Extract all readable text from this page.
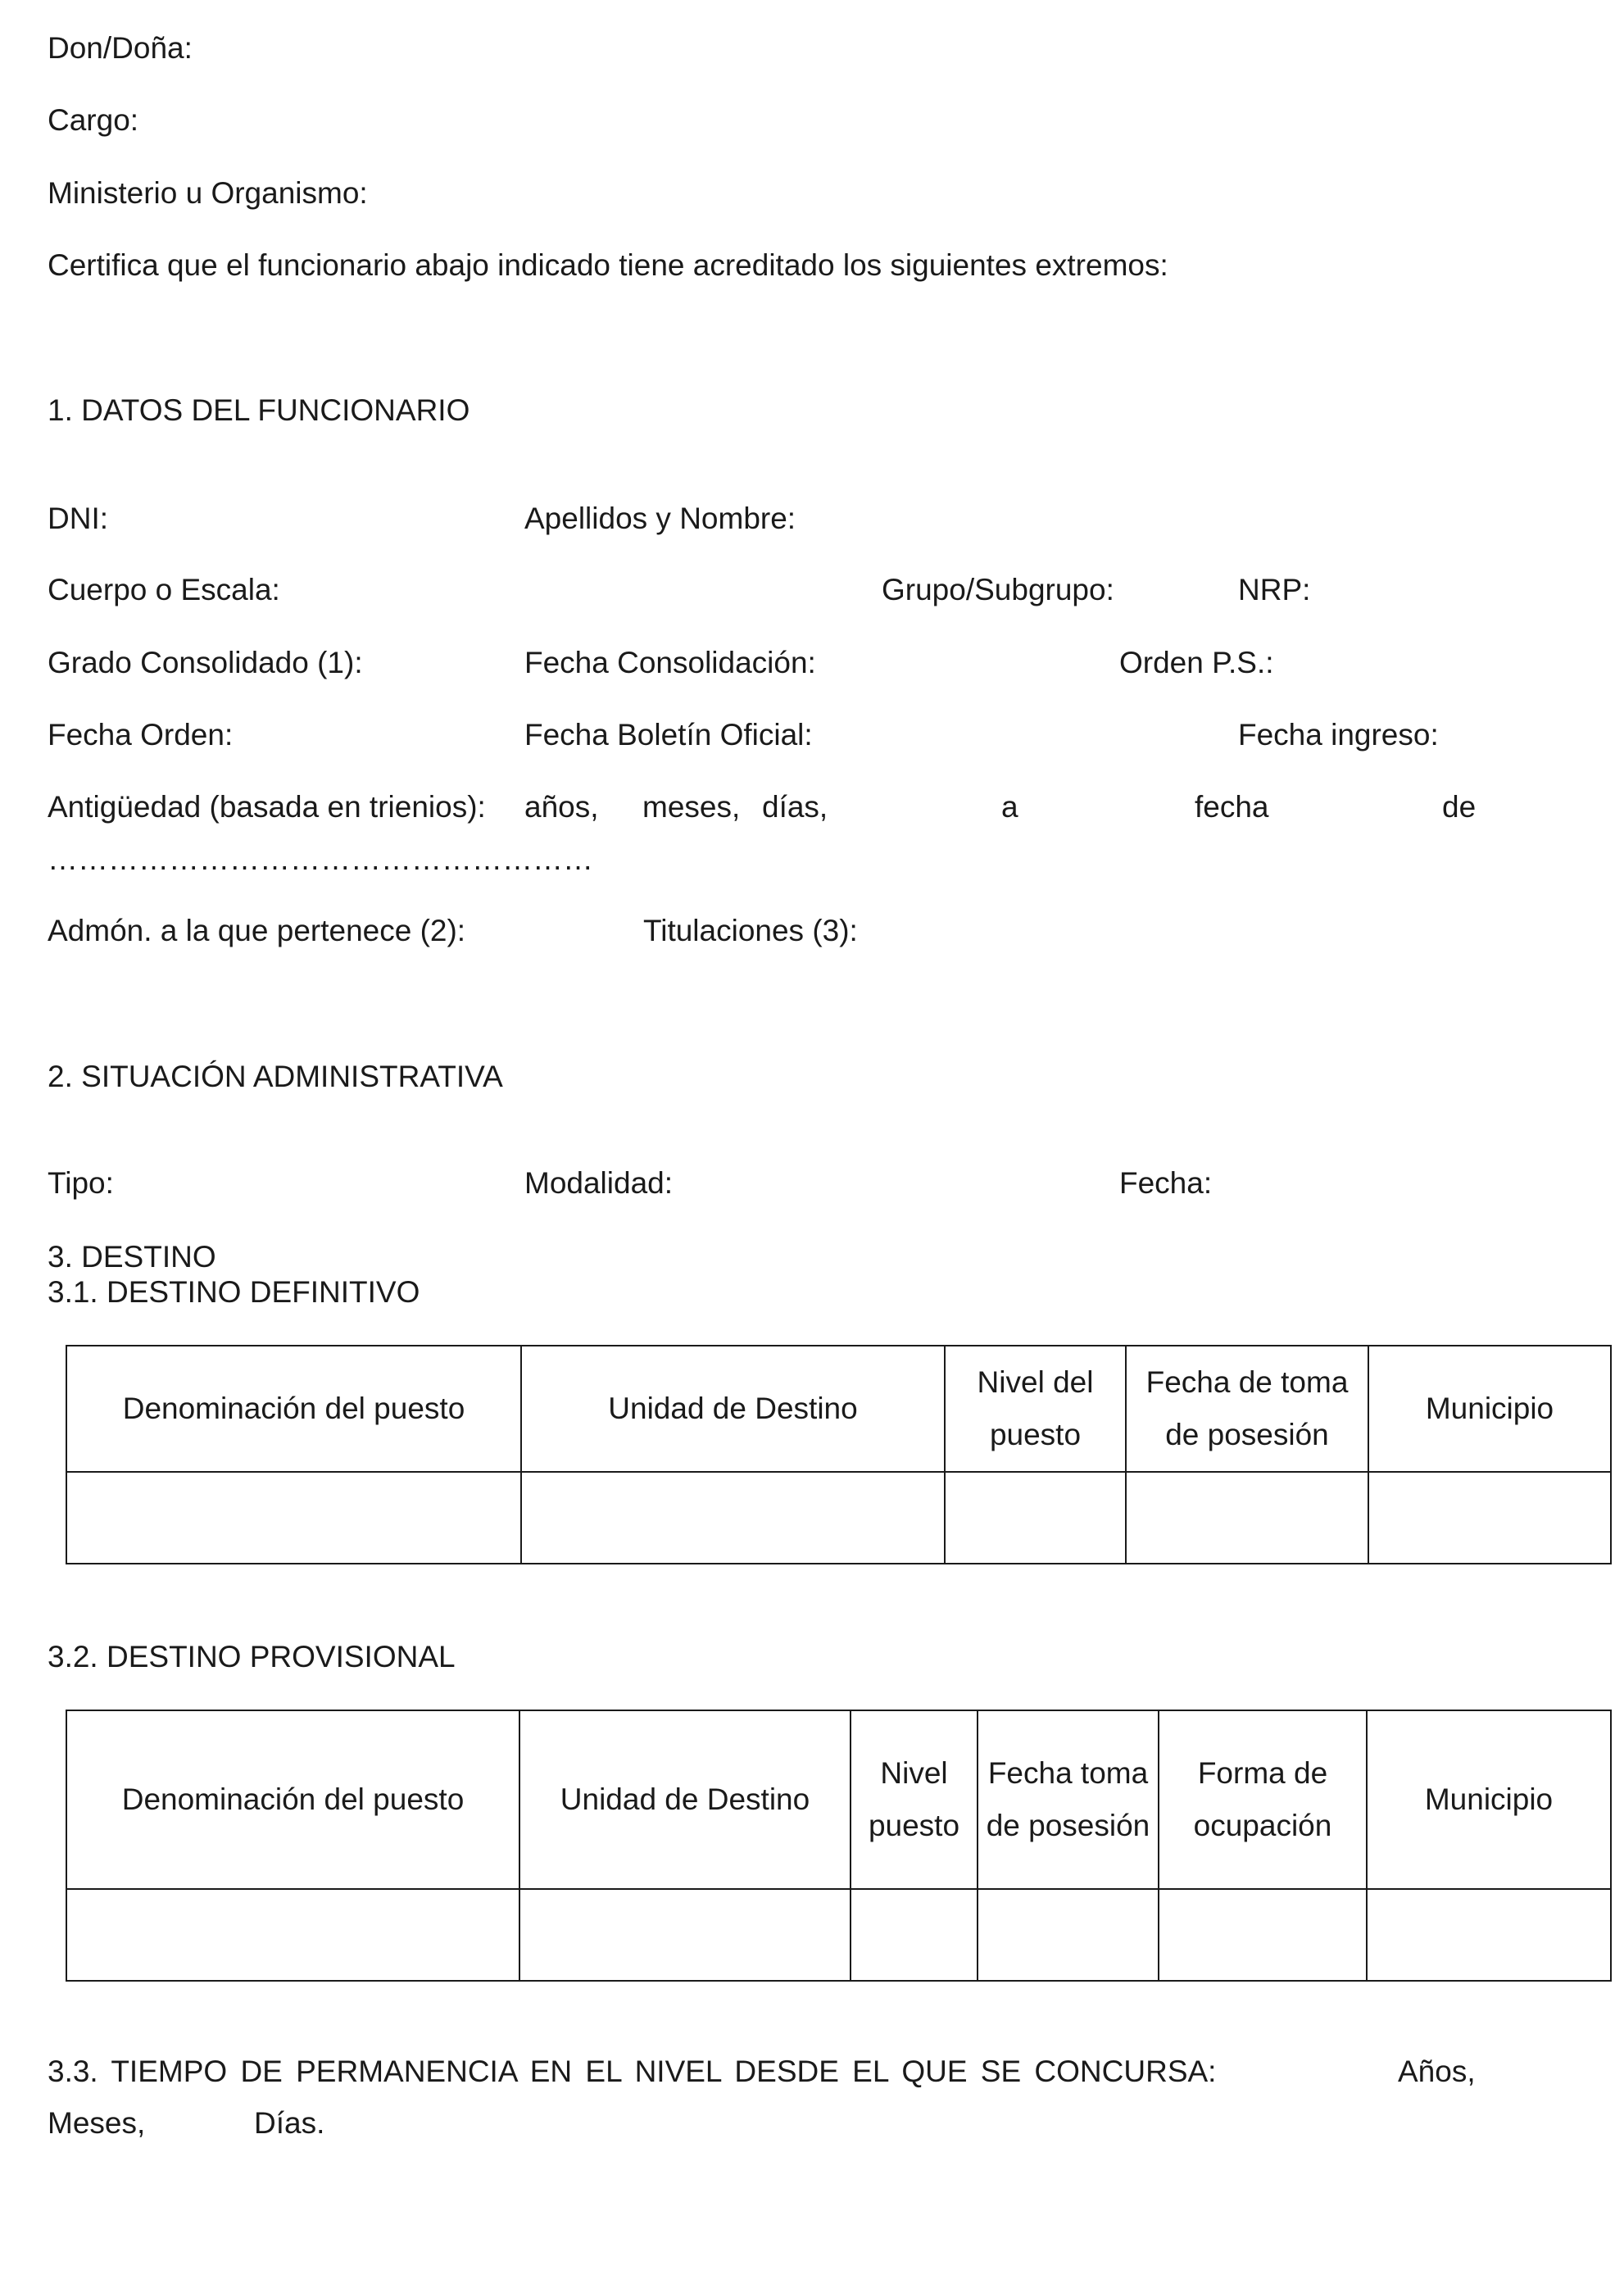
Don/Doña:
Cargo:
Ministerio u Organismo:
Certifica que el funcionario abajo indicado tiene acreditado los siguientes extremos:
1. DATOS DEL FUNCIONARIO
DNI:	Apellidos y Nombre:
Cuerpo o Escala:	Grupo/Subgrupo:	NRP:
Grado Consolidado (1):	Fecha Consolidación:	Orden P.S.:
Fecha Orden:	Fecha Boletín Oficial:	Fecha ingreso:
Antigüedad (basada en trienios): años, meses, días,	a	fecha	de
………………………………………………
Admón. a la que pertenece (2):	Titulaciones (3):
2. SITUACIÓN ADMINISTRATIVA
Tipo:	Modalidad:	Fecha:
3. DESTINO
3.1. DESTINO DEFINITIVO
Denominación del puesto	Unidad de Destino	Nivel del puesto	Fecha de toma de posesión	Municipio

3.2. DESTINO PROVISIONAL
Denominación del puesto	Unidad de Destino	Nivel puesto	Fecha toma de posesión	Forma de ocupación	Municipio

3.3. TIEMPO DE PERMANENCIA EN EL NIVEL DESDE EL QUE SE CONCURSA:	Años,
Meses,	Días.
